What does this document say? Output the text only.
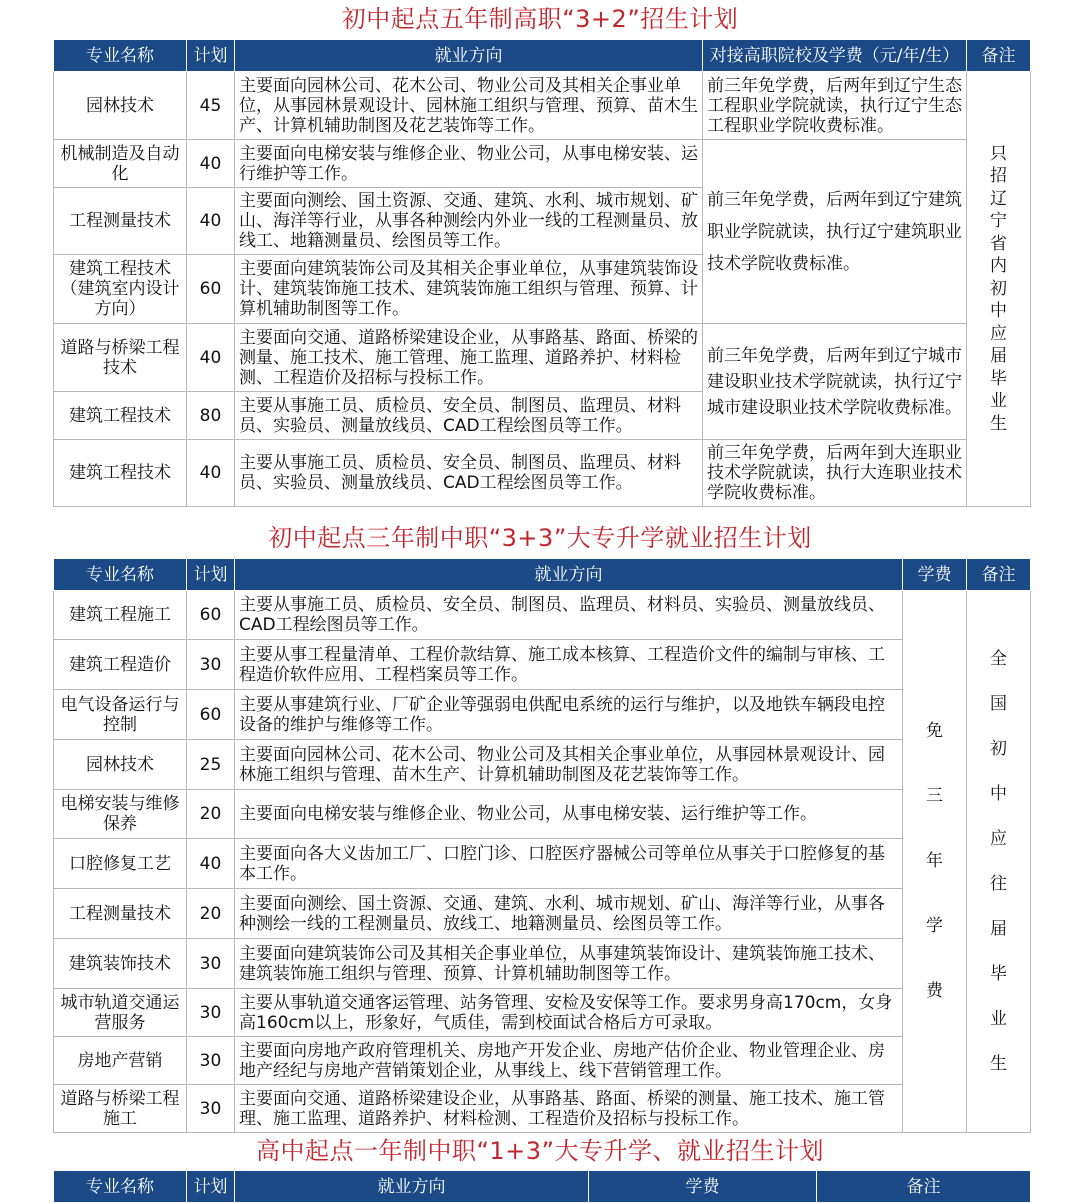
初中起点五年制高职“3+2”招生计划
专业名称	计划	就业方向	对接高职院校及学费（元/年/生）	备注
园林技术	45	主要面向园林公司、花木公司、物业公司及其相关企事业单位，从事园林景观设计、园林施工组织与管理、预算、苗木生产、计算机辅助制图及花艺装饰等工作。	前三年免学费，后两年到辽宁生态工程职业学院就读，执行辽宁生态工程职业学院收费标准。	只招辽宁省内初中应届毕业生
机械制造及自动化	40	主要面向电梯安装与维修企业、物业公司，从事电梯安装、运行维护等工作。	前三年免学费，后两年到辽宁建筑职业学院就读，执行辽宁建筑职业技术学院收费标准。	
工程测量技术	40	主要面向测绘、国土资源、交通、建筑、水利、城市规划、矿山、海洋等行业，从事各种测绘内外业一线的工程测量员、放线工、地籍测量员、绘图员等工作。		
建筑工程技术（建筑室内设计方向）	60	主要面向建筑装饰公司及其相关企事业单位，从事建筑装饰设计、建筑装饰施工技术、建筑装饰施工组织与管理、预算、计算机辅助制图等工作。		
道路与桥梁工程技术	40	主要面向交通、道路桥梁建设企业，从事路基、路面、桥梁的测量、施工技术、施工管理、施工监理、道路养护、材料检测、工程造价及招标与投标工作。	前三年免学费，后两年到辽宁城市建设职业技术学院就读，执行辽宁城市建设职业技术学院收费标准。	
建筑工程技术	80	主要从事施工员、质检员、安全员、制图员、监理员、材料员、实验员、测量放线员、CAD工程绘图员等工作。		
建筑工程技术	40	主要从事施工员、质检员、安全员、制图员、监理员、材料员、实验员、测量放线员、CAD工程绘图员等工作。	前三年免学费，后两年到大连职业技术学院就读，执行大连职业技术学院收费标准。	
初中起点三年制中职“3+3”大专升学就业招生计划
专业名称	计划	就业方向	学费	备注
建筑工程施工	60	主要从事施工员、质检员、安全员、制图员、监理员、材料员、实验员、测量放线员、CAD工程绘图员等工作。	免三年学费	全国初中应往届毕业生
建筑工程造价	30	主要从事工程量清单、工程价款结算、施工成本核算、工程造价文件的编制与审核、工程造价软件应用、工程档案员等工作。		
电气设备运行与控制	60	主要从事建筑行业、厂矿企业等强弱电供配电系统的运行与维护，以及地铁车辆段电控设备的维护与维修等工作。		
园林技术	25	主要面向园林公司、花木公司、物业公司及其相关企事业单位，从事园林景观设计、园林施工组织与管理、苗木生产、计算机辅助制图及花艺装饰等工作。		
电梯安装与维修保养	20	主要面向电梯安装与维修企业、物业公司，从事电梯安装、运行维护等工作。		
口腔修复工艺	40	主要面向各大义齿加工厂、口腔门诊、口腔医疗器械公司等单位从事关于口腔修复的基本工作。		
工程测量技术	20	主要面向测绘、国土资源、交通、建筑、水利、城市规划、矿山、海洋等行业，从事各种测绘一线的工程测量员、放线工、地籍测量员、绘图员等工作。		
建筑装饰技术	30	主要面向建筑装饰公司及其相关企事业单位，从事建筑装饰设计、建筑装饰施工技术、建筑装饰施工组织与管理、预算、计算机辅助制图等工作。		
城市轨道交通运营服务	30	主要从事轨道交通客运管理、站务管理、安检及安保等工作。要求男身高170cm，女身高160cm以上，形象好，气质佳，需到校面试合格后方可录取。		
房地产营销	30	主要面向房地产政府管理机关、房地产开发企业、房地产估价企业、物业管理企业、房地产经纪与房地产营销策划企业，从事线上、线下营销管理工作。		
道路与桥梁工程施工	30	主要面向交通、道路桥梁建设企业，从事路基、路面、桥梁的测量、施工技术、施工管理、施工监理、道路养护、材料检测、工程造价及招标与投标工作。		
高中起点一年制中职“1+3”大专升学、就业招生计划
专业名称	计划	就业方向	学费	备注
